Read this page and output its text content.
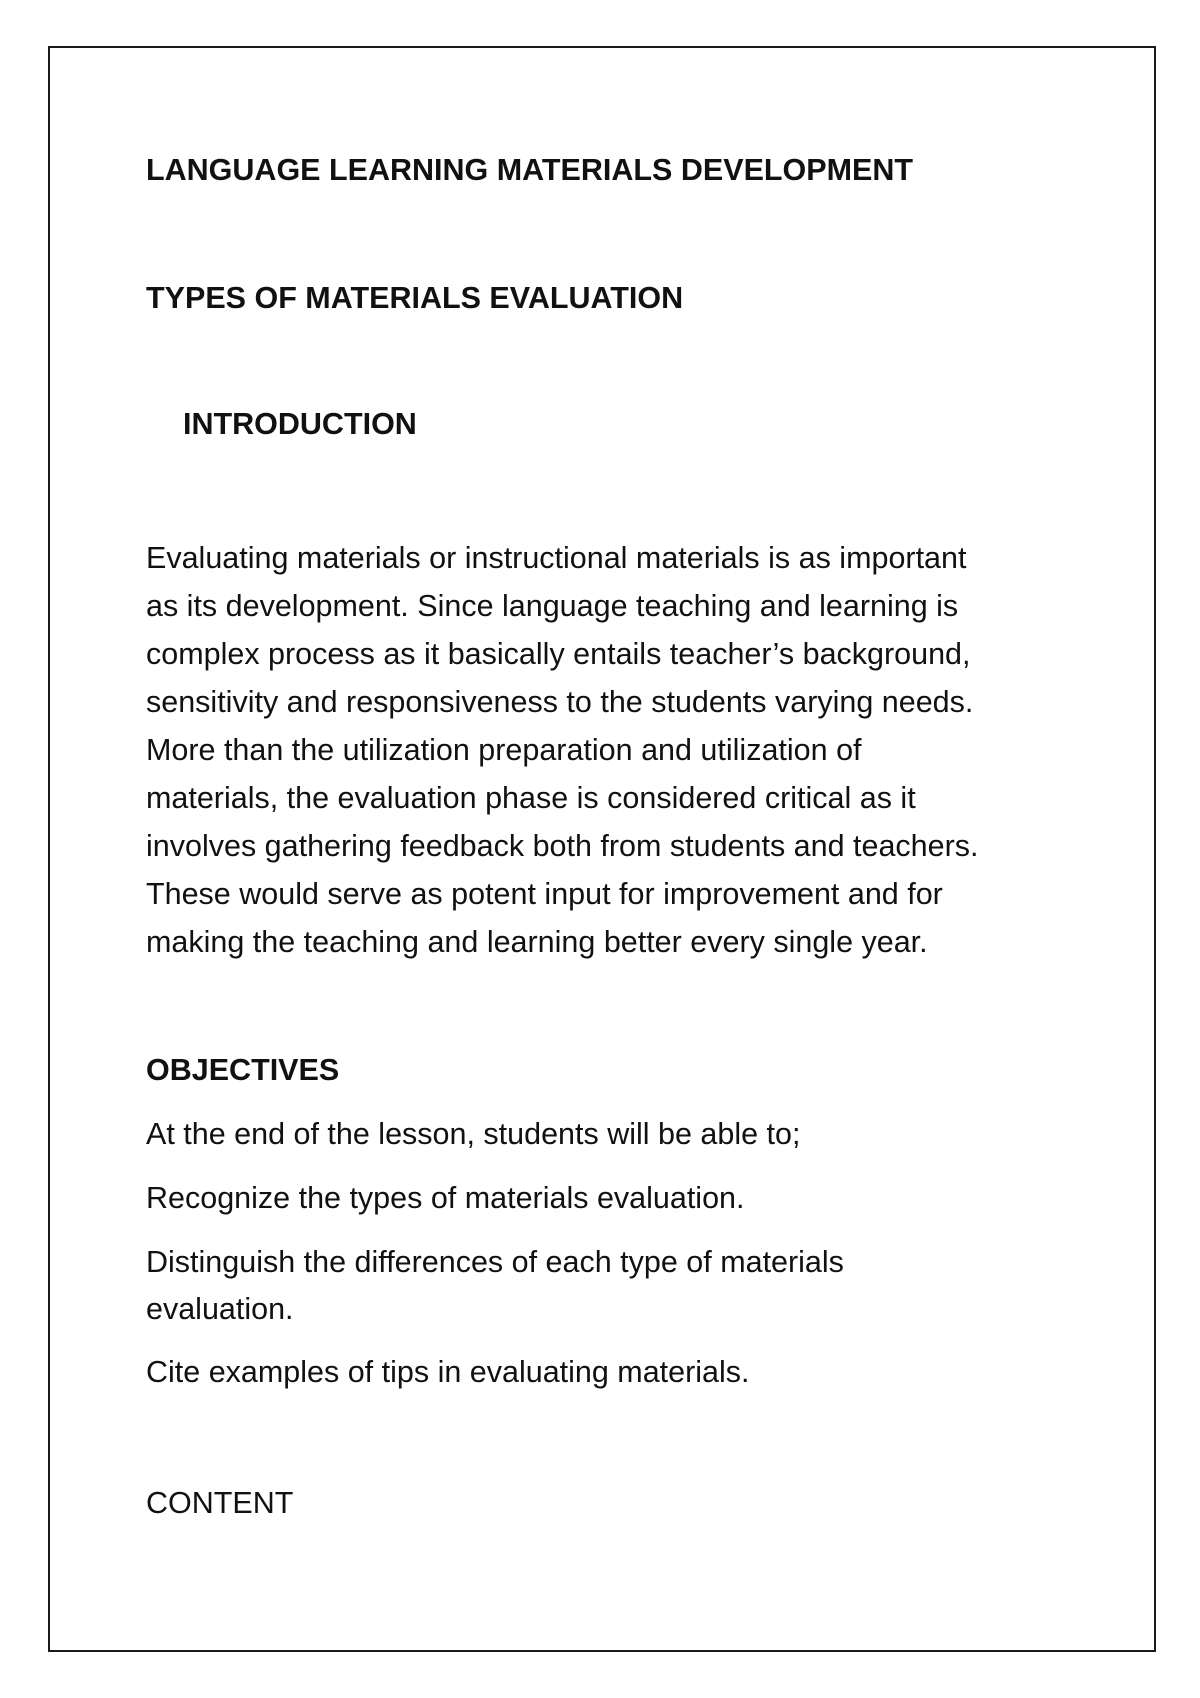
LANGUAGE LEARNING MATERIALS DEVELOPMENT

TYPES OF MATERIALS EVALUATION

INTRODUCTION

Evaluating materials or instructional materials is as important
as its development. Since language teaching and learning is
complex process as it basically entails teacher’s background,
sensitivity and responsiveness to the students varying needs.
More than the utilization preparation and utilization of
materials, the evaluation phase is considered critical as it
involves gathering feedback both from students and teachers.
These would serve as potent input for improvement and for
making the teaching and learning better every single year.

OBJECTIVES

At the end of the lesson, students will be able to;

Recognize the types of materials evaluation.

Distinguish the differences of each type of materials

evaluation.

Cite examples of tips in evaluating materials.

CONTENT
